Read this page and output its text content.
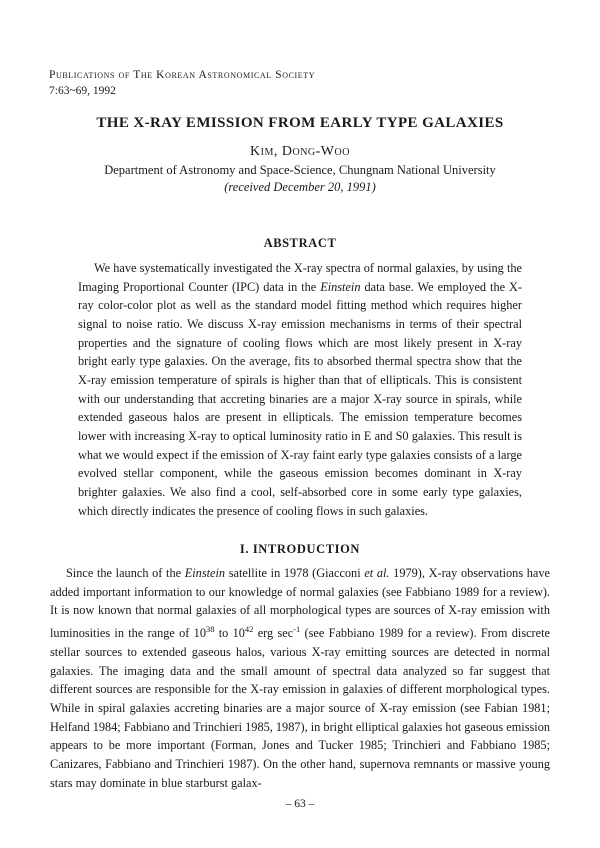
Publications of The Korean Astronomical Society
7:63~69, 1992
THE X-RAY EMISSION FROM EARLY TYPE GALAXIES
Kim, Dong-Woo
Department of Astronomy and Space-Science, Chungnam National University
(received December 20, 1991)
ABSTRACT
We have systematically investigated the X-ray spectra of normal galaxies, by using the Imaging Proportional Counter (IPC) data in the Einstein data base. We employed the X-ray color-color plot as well as the standard model fitting method which requires higher signal to noise ratio. We discuss X-ray emission mechanisms in terms of their spectral properties and the signature of cooling flows which are most likely present in X-ray bright early type galaxies. On the average, fits to absorbed thermal spectra show that the X-ray emission temperature of spirals is higher than that of ellipticals. This is consistent with our understanding that accreting binaries are a major X-ray source in spirals, while extended gaseous halos are present in ellipticals. The emission temperature becomes lower with increasing X-ray to optical luminosity ratio in E and S0 galaxies. This result is what we would expect if the emission of X-ray faint early type galaxies consists of a large evolved stellar component, while the gaseous emission becomes dominant in X-ray brighter galaxies. We also find a cool, self-absorbed core in some early type galaxies, which directly indicates the presence of cooling flows in such galaxies.
I. INTRODUCTION
Since the launch of the Einstein satellite in 1978 (Giacconi et al. 1979), X-ray observations have added important information to our knowledge of normal galaxies (see Fabbiano 1989 for a review). It is now known that normal galaxies of all morphological types are sources of X-ray emission with luminosities in the range of $10^{38}$ to $10^{42}$ erg $\sec^{-1} (see$ Fabbiano 1989 for a review). From discrete stellar sources to extended gaseous halos, various X-ray emitting sources are detected in normal galaxies. The imaging data and the small amount of spectral data analyzed so far suggest that different sources are responsible for the X-ray emission in galaxies of different morphological types. While in spiral galaxies accreting binaries are a major source of X-ray emission (see Fabian 1981; Helfand 1984; Fabbiano and Trinchieri 1985, 1987), in bright elliptical galaxies hot gaseous emission appears to be more important (Forman, Jones and Tucker 1985; Trinchieri and Fabbiano 1985; Canizares, Fabbiano and Trinchieri 1987). On the other hand, supernova remnants or massive young stars may dominate in blue starburst galax-
– 63 –
